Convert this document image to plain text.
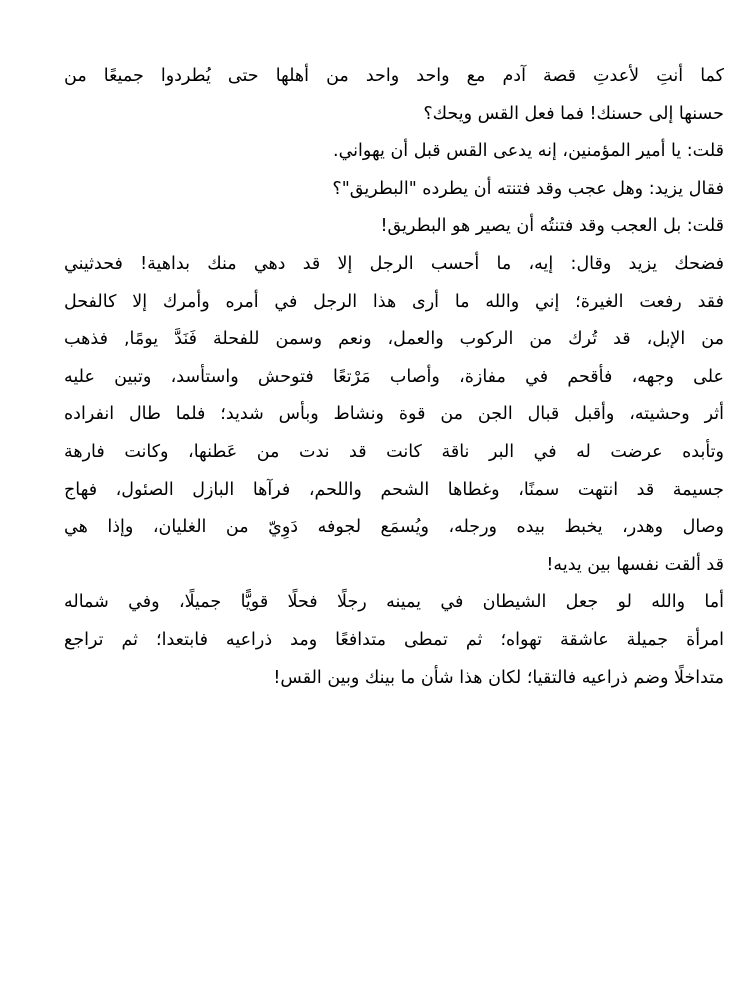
كما أنتِ لأعدتِ قصة آدم مع واحد واحد من أهلها حتى يُطردوا جميعًا من
حسنها إلى حسنك! فما فعل القس ويحك؟
قلت: يا أمير المؤمنين، إنه يدعى القس قبل أن يهواني.
فقال يزيد: وهل عجب وقد فتنته أن يطرده "البطريق"؟
قلت: بل العجب وقد فتنتُه أن يصير هو البطريق!
فضحك يزيد وقال: إيه، ما أحسب الرجل إلا قد دهي منك بداهية! فحدثيني
فقد رفعت الغيرة؛ إني والله ما أرى هذا الرجل في أمره وأمرك إلا كالفحل
من الإبل، قد تُرك من الركوب والعمل، ونعم وسمن للفحلة فَنَدَّ يومًا, فذهب
على وجهه، فأقحم في مفازة، وأصاب مَرْتعًا فتوحش واستأسد، وتبين عليه
أثر وحشيته، وأقبل قبال الجن من قوة ونشاط وبأس شديد؛ فلما طال انفراده
وتأبده عرضت له في البر ناقة كانت قد ندت من عَطنها، وكانت فارهة
جسيمة قد انتهت سمنًا، وغطاها الشحم واللحم، فرآها البازل الصئول، فهاج
وصال وهدر، يخبط بيده ورجله، ويُسمَع لجوفه دَوِيّ من الغليان، وإذا هي
قد ألقت نفسها بين يديه!
أما والله لو جعل الشيطان في يمينه رجلًا فحلًا قويًّا جميلًا، وفي شماله
امرأة جميلة عاشقة تهواه؛ ثم تمطى متدافعًا ومد ذراعيه فابتعدا؛ ثم تراجع
متداخلًا وضم ذراعيه فالتقيا؛ لكان هذا شأن ما بينك وبين القس!
